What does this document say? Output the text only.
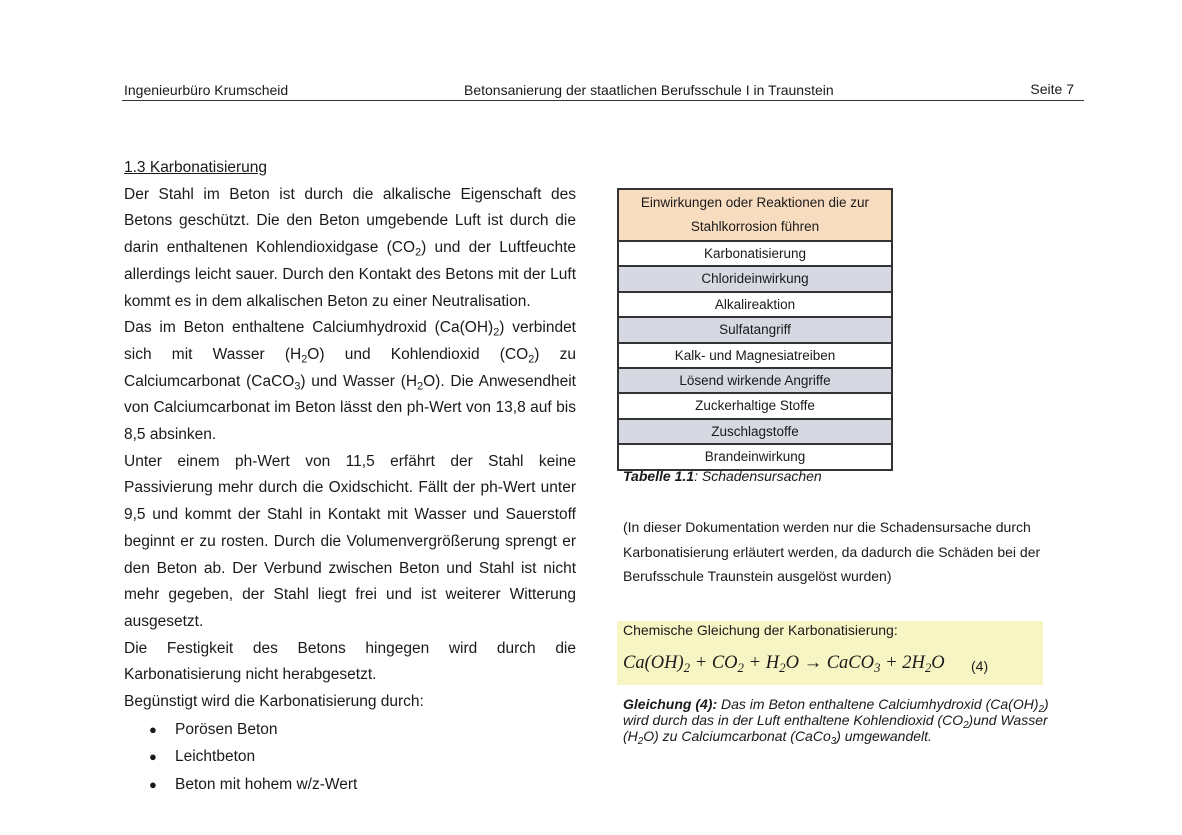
Ingenieurbüro Krumscheid	Betonsanierung der staatlichen Berufsschule I in Traunstein	Seite 7

1.3 Karbonatisierung

Der Stahl im Beton ist durch die alkalische Eigenschaft des Betons geschützt. Die den Beton umgebende Luft ist durch die darin enthaltenen Kohlendioxidgase $(CO_2)$ und der Luftfeuchte allerdings leicht sauer. Durch den Kontakt des Betons mit der Luft kommt es in dem alkalischen Beton zu einer Neutralisation.

Das im Beton enthaltene Calciumhydroxid $(Ca(OH)_2)$ verbindet sich mit Wasser $(H_2O)$ und Kohlendioxid $(CO_2)$ zu Calciumcarbonat (CaCO$_3$) und Wasser $(H_2O)$. Die Anwesendheit von Calciumcarbonat im Beton lässt den ph-Wert von 13,8 auf bis 8,5 absinken.

Unter einem ph-Wert von 11,5 erfährt der Stahl keine Passivierung mehr durch die Oxidschicht. Fällt der ph-Wert unter 9,5 und kommt der Stahl in Kontakt mit Wasser und Sauerstoff beginnt er zu rosten. Durch die Volumenvergrößerung sprengt er den Beton ab. Der Verbund zwischen Beton und Stahl ist nicht mehr gegeben, der Stahl liegt frei und ist weiterer Witterung ausgesetzt.

Die Festigkeit des Betons hingegen wird durch die Karbonatisierung nicht herabgesetzt.

Begünstigt wird die Karbonatisierung durch:

● Porösen Beton
● Leichtbeton
● Beton mit hohem w/z-Wert
Einwirkungen oder Reaktionen die zur Stahlkorrosion führen
Karbonatisierung
Chlorideinwirkung
Alkalireaktion
Sulfatangriff
Kalk- und Magnesiatreiben
Lösend wirkende Angriffe
Zuckerhaltige Stoffe
Zuschlagstoffe
Brandeinwirkung
Tabelle 1.1: Schadensursachen
(In dieser Dokumentation werden nur die Schadensursache durch Karbonatisierung erläutert werden, da dadurch die Schäden bei der Berufsschule Traunstein ausgelöst wurden)
Chemische Gleichung der Karbonatisierung:
$Ca(OH)_2 + CO_2 + H_2O$ → CaCO$_3$ + $2H_2O$ (4)
Gleichung (4): Das im Beton enthaltene Calciumhydroxid $(Ca(OH)_2)$ wird durch das in der Luft enthaltene Kohlendioxid $(CO_2)und$ Wasser $(H_2O)$ zu Calciumcarbonat (CaCo$_3$) umgewandelt.
